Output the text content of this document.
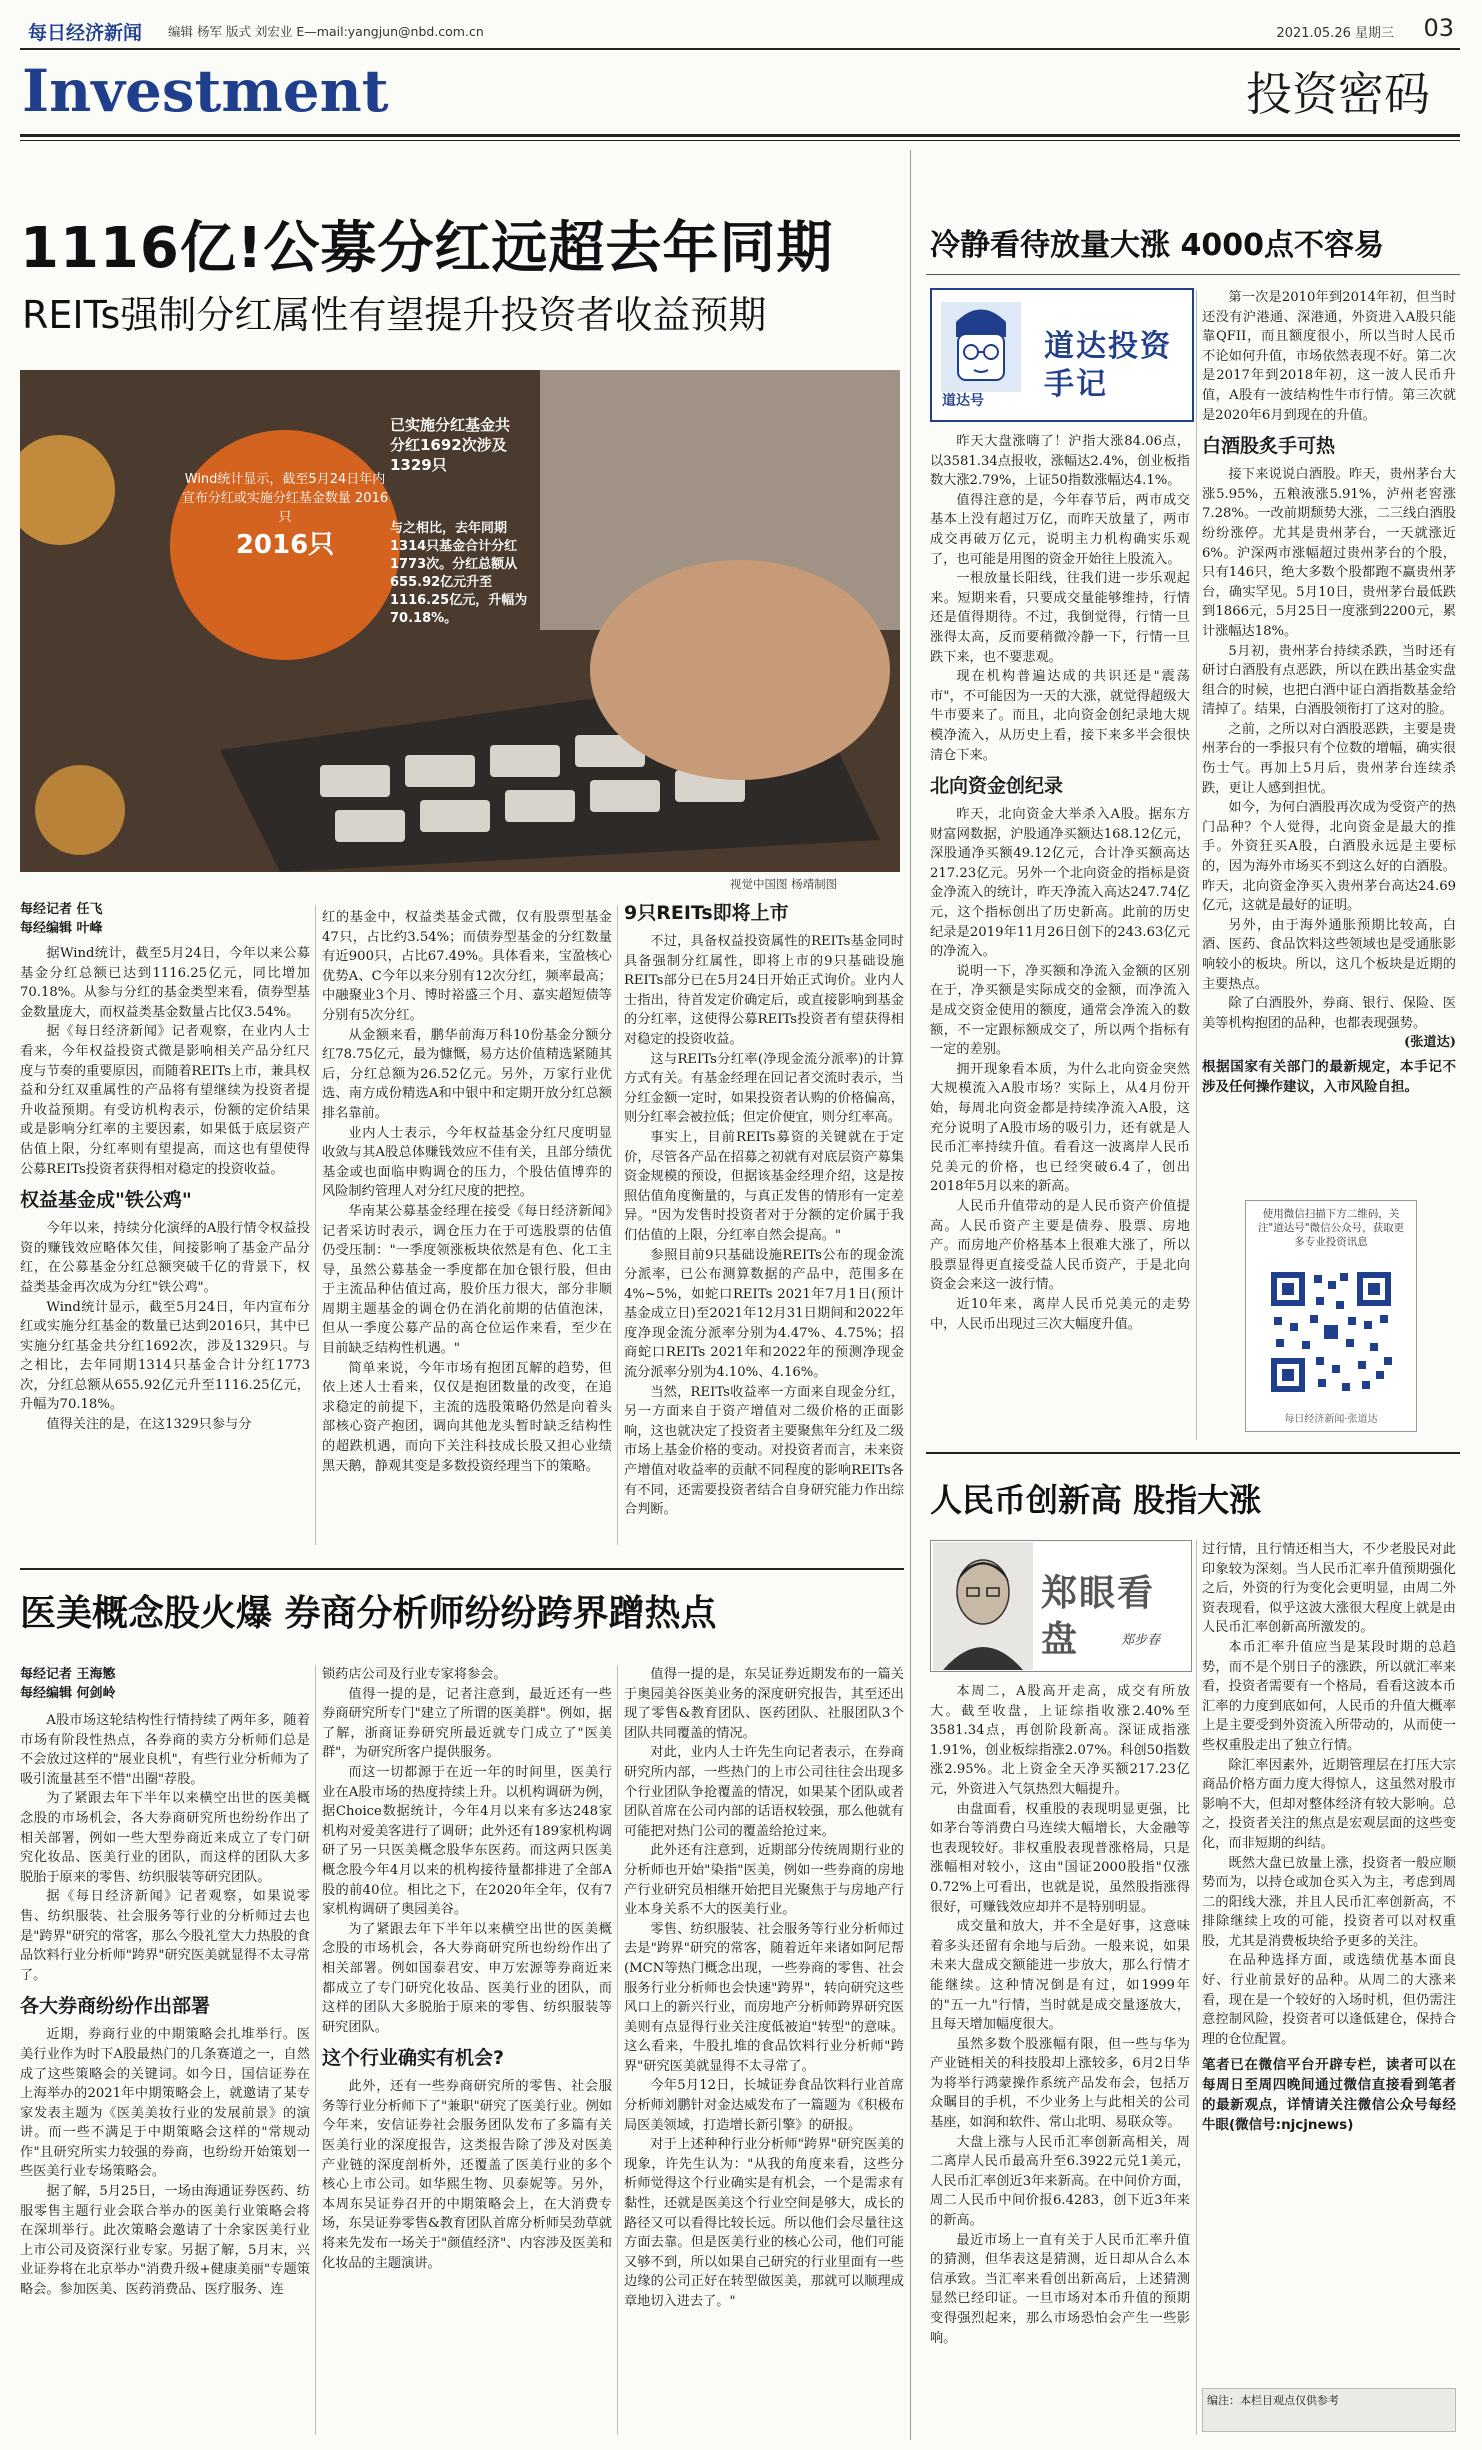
每日经济新闻 编辑 杨军 版式 刘宏业 E—mail:yangjun@nbd.com.cn	2021.05.26 星期三 03
Investment	投资密码
1116亿!公募分红远超去年同期
REITs强制分红属性有望提升投资者收益预期
Wind统计显示，截至5月24日年内宣布分红或实施分红基金数量 2016只
2016只
已实施分红基金共分红1692次涉及1329只
与之相比，去年同期1314只基金合计分红1773次。分红总额从655.92亿元升至1116.25亿元，升幅为70.18%。
视觉中国图 杨靖制图
每经记者 任飞
每经编辑 叶峰

据Wind统计，截至5月24日，今年以来公募基金分红总额已达到1116.25亿元，同比增加70.18%。从参与分红的基金类型来看，债券型基金数量庞大，而权益类基金数量占比仅3.54%。

据《每日经济新闻》记者观察，在业内人士看来，今年权益投资式微是影响相关产品分红尺度与节奏的重要原因，而随着REITs上市，兼具权益和分红双重属性的产品将有望继续为投资者提升收益预期。有受访机构表示，份额的定价结果或是影响分红率的主要因素，如果低于底层资产估值上限，分红率则有望提高，而这也有望使得公募REITs投资者获得相对稳定的投资收益。

权益基金成"铁公鸡"

今年以来，持续分化演绎的A股行情令权益投资的赚钱效应略体欠佳，间接影响了基金产品分红，在公募基金分红总额突破千亿的背景下，权益类基金再次成为分红"铁公鸡"。

Wind统计显示，截至5月24日，年内宣布分红或实施分红基金的数量已达到2016只，其中已实施分红基金共分红1692次，涉及1329只。与之相比，去年同期1314只基金合计分红1773次，分红总额从655.92亿元升至1116.25亿元，升幅为70.18%。

值得关注的是，在这1329只参与分

红的基金中，权益类基金式微，仅有股票型基金47只，占比约3.54%；而债券型基金的分红数量有近900只，占比67.49%。具体看来，宝盈核心优势A、C今年以来分别有12次分红，频率最高；中融聚业3个月、博时裕盛三个月、嘉实超短债等分别有5次分红。

从金额来看，鹏华前海万科10份基金分额分红78.75亿元，最为慷慨，易方达价值精选紧随其后，分红总额为26.52亿元。另外，万家行业优选、南方成份精选A和中银中和定期开放分红总额排名靠前。

业内人士表示，今年权益基金分红尺度明显收敛与其A股总体赚钱效应不佳有关，且部分绩优基金或也面临申购调仓的压力，个股估值博弈的风险制约管理人对分红尺度的把控。

华南某公募基金经理在接受《每日经济新闻》记者采访时表示，调仓压力在于可选股票的估值仍受压制："一季度领涨板块依然是有色、化工主导，虽然公募基金一季度都在加仓银行股，但由于主流品种估值过高，股价压力很大，部分非顺周期主题基金的调仓仍在消化前期的估值泡沫，但从一季度公募产品的高仓位运作来看，至少在目前缺乏结构性机遇。"

简单来说，今年市场有抱团瓦解的趋势，但依上述人士看来，仅仅是抱团数量的改变，在追求稳定的前提下，主流的选股策略仍然是向着头部核心资产抱团，调向其他龙头暂时缺乏结构性的超跌机遇，而向下关注科技成长股又担心业绩黑天鹅，静观其变是多数投资经理当下的策略。

9只REITs即将上市

不过，具备权益投资属性的REITs基金同时具备强制分红属性，即将上市的9只基础设施REITs部分已在5月24日开始正式询价。业内人士指出，待首发定价确定后，或直接影响到基金的分红率，这使得公募REITs投资者有望获得相对稳定的投资收益。

这与REITs分红率(净现金流分派率)的计算方式有关。有基金经理在回记者交流时表示，当分红金额一定时，如果投资者认购的价格偏高，则分红率会被拉低；但定价便宜，则分红率高。

事实上，目前REITs募资的关键就在于定价，尽管各产品在招募之初就有对底层资产募集资金规模的预设，但据该基金经理介绍，这是按照估值角度衡量的，与真正发售的情形有一定差异。"因为发售时投资者对于分额的定价属于我们估值的上限，分红率自然会提高。"

参照目前9只基础设施REITs公布的现金流分派率，已公布测算数据的产品中，范围多在4%~5%，如蛇口REITs 2021年7月1日(预计基金成立日)至2021年12月31日期间和2022年度净现金流分派率分别为4.47%、4.75%；招商蛇口REITs 2021年和2022年的预测净现金流分派率分别为4.10%、4.16%。

当然，REITs收益率一方面来自现金分红，另一方面来自于资产增值对二级价格的正面影响，这也就决定了投资者主要聚焦年分红及二级市场上基金价格的变动。对投资者而言，未来资产增值对收益率的贡献不同程度的影响REITs各有不同，还需要投资者结合自身研究能力作出综合判断。

医美概念股火爆 券商分析师纷纷跨界蹭热点
每经记者 王海慜
每经编辑 何剑岭

A股市场这轮结构性行情持续了两年多，随着市场有阶段性热点，各券商的卖方分析师们总是不会放过这样的"展业良机"，有些行业分析师为了吸引流量甚至不惜"出圈"荐股。

为了紧跟去年下半年以来横空出世的医美概念股的市场机会，各大券商研究所也纷纷作出了相关部署，例如一些大型券商近来成立了专门研究化妆品、医美行业的团队，而这样的团队大多脱胎于原来的零售、纺织服装等研究团队。

据《每日经济新闻》记者观察，如果说零售、纺织服装、社会服务等行业的分析师过去也是"跨界"研究的常客，那么今股礼堂大力热股的食品饮料行业分析师"跨界"研究医美就显得不太寻常了。

各大券商纷纷作出部署

近期，券商行业的中期策略会扎堆举行。医美行业作为时下A股最热门的几条赛道之一，自然成了这些策略会的关键词。如今日，国信证券在上海举办的2021年中期策略会上，就邀请了某专家发表主题为《医美美妆行业的发展前景》的演讲。而一些不满足于中期策略会这样的"常规动作"且研究所实力较强的券商，也纷纷开始策划一些医美行业专场策略会。

据了解，5月25日，一场由海通证券医药、纺服零售主题行业会联合举办的医美行业策略会将在深圳举行。此次策略会邀请了十余家医美行业上市公司及资深行业专家。另据了解，5月末，兴业证券将在北京举办"消费升级+健康美丽"专题策略会。参加医美、医药消费品、医疗服务、连

锁药店公司及行业专家将参会。

值得一提的是，记者注意到，最近还有一些券商研究所专门"建立了所谓的医美群"。例如，据了解，浙商证券研究所最近就专门成立了"医美群"，为研究所客户提供服务。

而这一切都源于在近一年的时间里，医美行业在A股市场的热度持续上升。以机构调研为例，据Choice数据统计，今年4月以来有多达248家机构对爱美客进行了调研；此外还有189家机构调研了另一只医美概念股华东医药。而这两只医美概念股今年4月以来的机构接待量都排进了全部A股的前40位。相比之下，在2020年全年，仅有7家机构调研了奥园美谷。

为了紧跟去年下半年以来横空出世的医美概念股的市场机会，各大券商研究所也纷纷作出了相关部署。例如国泰君安、申万宏源等券商近来都成立了专门研究化妆品、医美行业的团队，而这样的团队大多脱胎于原来的零售、纺织服装等研究团队。

这个行业确实有机会?

此外，还有一些券商研究所的零售、社会服务等行业分析师下了"兼职"研究了医美行业。例如今年来，安信证券社会服务团队发布了多篇有关医美行业的深度报告，这类报告除了涉及对医美产业链的深度剖析外，还覆盖了医美行业的多个核心上市公司。如华熙生物、贝泰妮等。另外，本周东吴证券召开的中期策略会上，在大消费专场，东吴证券零售&教育团队首席分析师吴劲草就将来先发布一场关于"颜值经济"、内容涉及医美和化妆品的主题演讲。

值得一提的是，东吴证券近期发布的一篇关于奥园美谷医美业务的深度研究报告，其至还出现了零售&教育团队、医药团队、社服团队3个团队共同覆盖的情况。

对此，业内人士许先生向记者表示，在券商研究所内部，一些热门的上市公司往往会出现多个行业团队争抢覆盖的情况，如果某个团队或者团队首席在公司内部的话语权较强，那么他就有可能把对热门公司的覆盖给抢过来。

此外还有注意到，近期部分传统周期行业的分析师也开始"染指"医美，例如一些券商的房地产行业研究员相继开始把目光聚焦于与房地产行业本身关系不大的医美行业。

零售、纺织服装、社会服务等行业分析师过去是"跨界"研究的常客，随着近年来诸如阿尼帮(MCN等热门概念出现，一些券商的零售、社会服务行业分析师也会快速"跨界"，转向研究这些风口上的新兴行业，而房地产分析师跨界研究医美则有点显得行业关注度低被迫"转型"的意味。这么看来，牛股扎堆的食品饮料行业分析师"跨界"研究医美就显得不太寻常了。

今年5月12日，长城证券食品饮料行业首席分析师刘鹏针对金达威发布了一篇题为《积极布局医美领域，打造增长新引擎》的研报。

对于上述种种行业分析师"跨界"研究医美的现象，许先生认为："从我的角度来看，这些分析师觉得这个行业确实是有机会，一个是需求有黏性，还就是医美这个行业空间是够大，成长的路径又可以看得比较长远。所以他们会尽量往这方面去靠。但是医美行业的核心公司，他们可能又够不到，所以如果自己研究的行业里面有一些边缘的公司正好在转型做医美，那就可以顺理成章地切入进去了。"

冷静看待放量大涨 4000点不容易
道达号
道达投资手记

昨天大盘涨嗨了！沪指大涨84.06点，以3581.34点报收，涨幅达2.4%，创业板指数大涨2.79%，上证50指数涨幅达4.1%。

值得注意的是，今年春节后，两市成交基本上没有超过万亿，而昨天放量了，两市成交再破万亿元，说明主力机构确实乐观了，也可能是用图的资金开始往上股流入。

一根放量长阳线，往我们进一步乐观起来。短期来看，只要成交量能够维持，行情还是值得期待。不过，我倒觉得，行情一旦涨得太高，反而要稍微冷静一下，行情一旦跌下来，也不要悲观。

现在机构普遍达成的共识还是"震荡市"，不可能因为一天的大涨，就觉得超级大牛市要来了。而且，北向资金创纪录地大规模净流入，从历史上看，接下来多半会很快清仓下来。

北向资金创纪录

昨天，北向资金大举杀入A股。据东方财富网数据，沪股通净买额达168.12亿元，深股通净买额49.12亿元，合计净买额高达217.23亿元。另外一个北向资金的指标是资金净流入的统计，昨天净流入高达247.74亿元，这个指标创出了历史新高。此前的历史纪录是2019年11月26日创下的243.63亿元的净流入。

说明一下，净买额和净流入金额的区别在于，净买额是实际成交的金额，而净流入是成交资金使用的额度，通常会净流入的数额，不一定跟标额成交了，所以两个指标有一定的差别。

拥开现象看本质，为什么北向资金突然大规模流入A股市场？实际上，从4月份开始，每周北向资金都是持续净流入A股，这充分说明了A股市场的吸引力，还有就是人民币汇率持续升值。看看这一波离岸人民币兑美元的价格，也已经突破6.4了，创出2018年5月以来的新高。

人民币升值带动的是人民币资产价值提高。人民币资产主要是债券、股票、房地产。而房地产价格基本上很难大涨了，所以股票显得更直接受益人民币资产，于是北向资金会来这一波行情。

近10年来，离岸人民币兑美元的走势中，人民币出现过三次大幅度升值。

第一次是2010年到2014年初，但当时还没有沪港通、深港通，外资进入A股只能靠QFII，而且额度很小，所以当时人民币不论如何升值，市场依然表现不好。第二次是2017年到2018年初，这一波人民币升值，A股有一波结构性牛市行情。第三次就是2020年6月到现在的升值。

白酒股炙手可热

接下来说说白酒股。昨天，贵州茅台大涨5.95%，五粮液涨5.91%，泸州老窖涨7.28%。一改前期颓势大涨，二三线白酒股纷纷涨停。尤其是贵州茅台，一天就涨近6%。沪深两市涨幅超过贵州茅台的个股，只有146只，绝大多数个股都跑不赢贵州茅台，确实罕见。5月10日，贵州茅台最低跌到1866元，5月25日一度涨到2200元，累计涨幅达18%。

5月初，贵州茅台持续杀跌，当时还有研讨白酒股有点恶跌，所以在跌出基金实盘组合的时候，也把白酒中证白酒指数基金给清掉了。结果，白酒股领衔打了这对的脸。

之前，之所以对白酒股恶跌，主要是贵州茅台的一季报只有个位数的增幅，确实很伤士气。再加上5月后，贵州茅台连续杀跌，更让人感到担忧。

如今，为何白酒股再次成为受资产的热门品种？个人觉得，北向资金是最大的推手。外资狂买A股，白酒股永远是主要标的，因为海外市场买不到这么好的白酒股。昨天，北向资金净买入贵州茅台高达24.69亿元，这就是最好的证明。

另外，由于海外通胀预期比较高，白酒、医药、食品饮料这些领域也是受通胀影响较小的板块。所以，这几个板块是近期的主要热点。

除了白酒股外，券商、银行、保险、医美等机构抱团的品种，也都表现强势。

(张道达)
根据国家有关部门的最新规定，本手记不涉及任何操作建议，入市风险自担。
使用微信扫描下方二维码，关注"道达号"微信公众号，获取更多专业投资讯息
每日经济新闻·张道达
人民币创新高 股指大涨
郑眼看盘	郑步春

本周二，A股高开走高，成交有所放大。截至收盘，上证综指收涨2.40%至3581.34点，再创阶段新高。深证成指涨1.91%，创业板综指涨2.07%。科创50指数涨2.95%。北上资金全天净买额217.23亿元，外资进入气氛热烈大幅提升。

由盘面看，权重股的表现明显更强，比如茅台等消费白马连续大幅增长，大金融等也表现较好。非权重股表现普涨格局，只是涨幅相对较小，这由"国证2000股指"仅涨0.72%上可看出，也就是说，虽然股指涨得很好，可赚钱效应却并不是特别明显。

成交量和放大，并不全是好事，这意味着多头还留有余地与后劲。一般来说，如果未来大盘成交额能进一步放大，那么行情才能继续。这种情况倒是有过，如1999年的"五一九"行情，当时就是成交量逐放大，且每天增加幅度很大。

虽然多数个股涨幅有限，但一些与华为产业链相关的科技股却上涨较多，6月2日华为将举行鸿蒙操作系统产品发布会，包括万众瞩目的手机，不少业务上与此相关的公司基座，如润和软件、常山北明、易联众等。

大盘上涨与人民币汇率创新高相关，周二离岸人民币最高升至6.3922元兑1美元，人民币汇率创近3年来新高。在中间价方面，周二人民币中间价报6.4283，创下近3年来的新高。

最近市场上一直有关于人民币汇率升值的猜测，但华表这是猜测，近日却从合么本信承致。当汇率来看创出新高后，上述猜测显然已经印证。一旦市场对本币升值的预期变得强烈起来，那么市场恐怕会产生一些影响。

过行情，且行情还相当大，不少老股民对此印象较为深刻。当人民币汇率升值预期强化之后，外资的行为变化会更明显，由周二外资表现看，似乎这波大涨很大程度上就是由人民币汇率创新高所激发的。

本币汇率升值应当是某段时期的总趋势，而不是个别日子的涨跌，所以就汇率来看，投资者需要有一个格局，看看这波本币汇率的力度到底如何，人民币的升值大概率上是主要受到外资流入所带动的，从而使一些权重股走出了独立行情。

除汇率因素外，近期管理层在打压大宗商品价格方面力度大得惊人，这虽然对股市影响不大，但却对整体经济有较大影响。总之，投资者关注的焦点是宏观层面的这些变化，而非短期的纠结。

既然大盘已放量上涨，投资者一般应顺势而为，以持仓或加仓买入为主，考虑到周二的阳线大涨，并且人民币汇率创新高，不排除继续上攻的可能，投资者可以对权重股，尤其是消费板块给予更多的关注。

在品种选择方面，或选绩优基本面良好、行业前景好的品种。从周二的大涨来看，现在是一个较好的入场时机，但仍需注意控制风险，投资者可以逢低建仓，保持合理的仓位配置。

笔者已在微信平台开辟专栏，读者可以在每周日至周四晚间通过微信直接看到笔者的最新观点，详情请关注微信公众号每经牛眼(微信号:njcjnews)
编注：本栏目观点仅供参考
